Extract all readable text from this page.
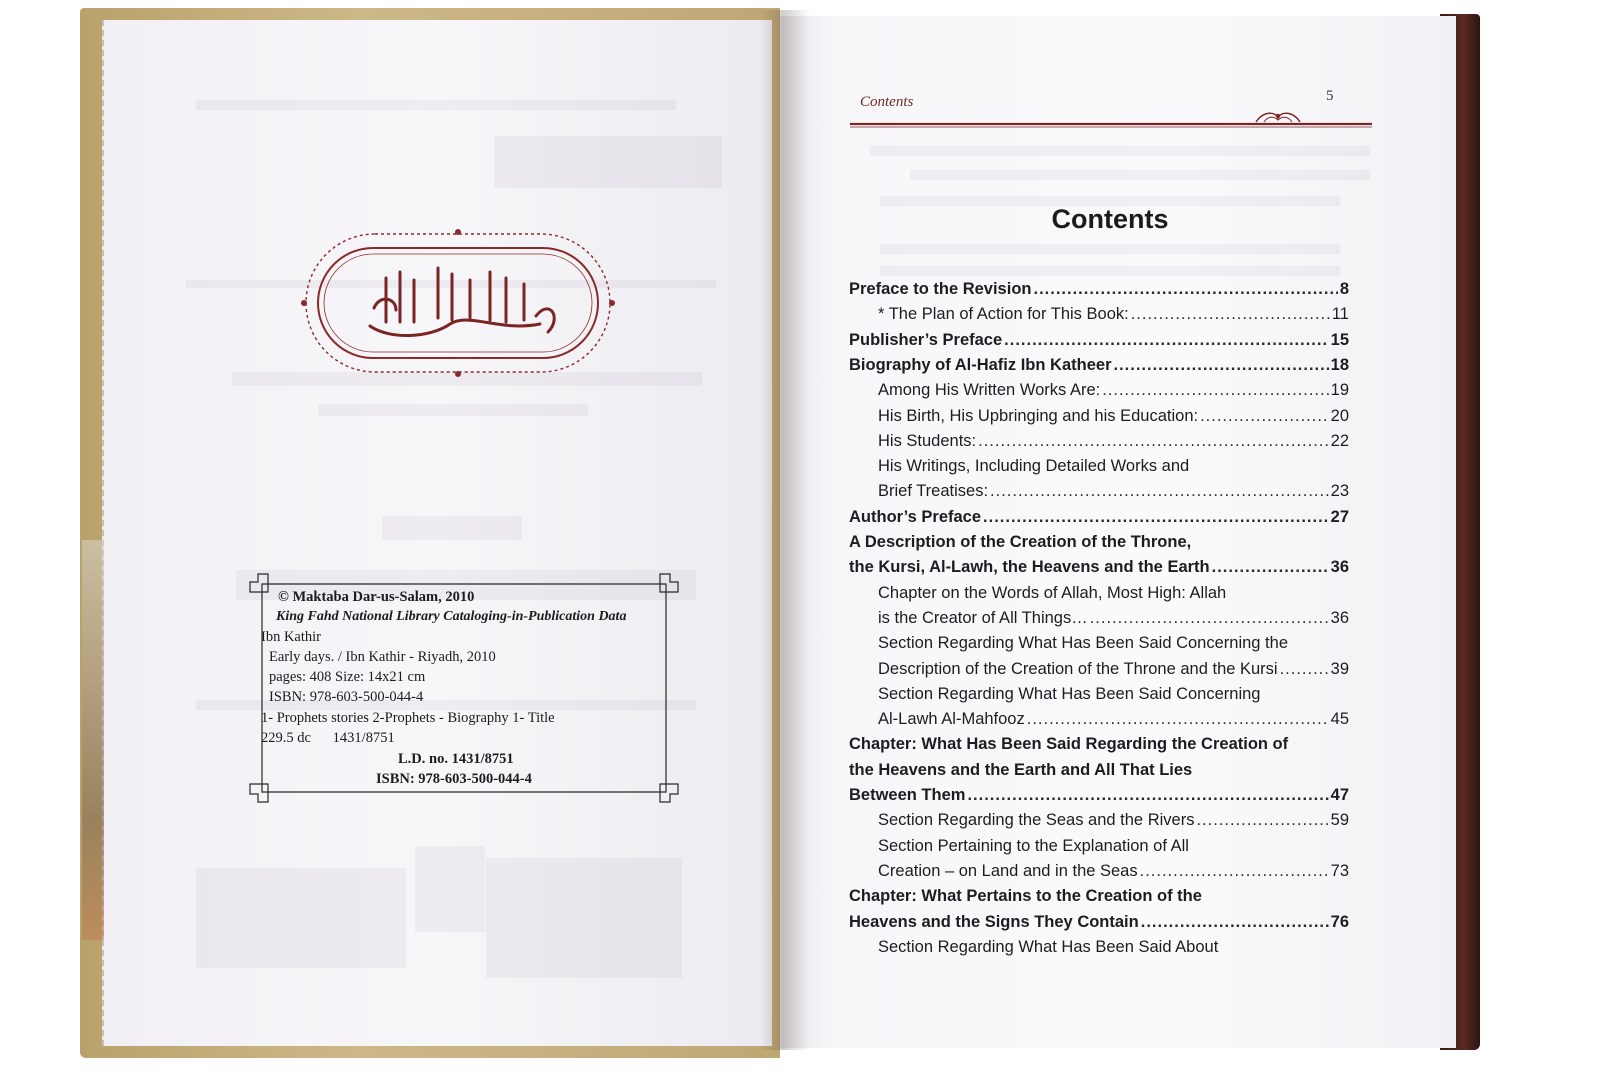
© Maktaba Dar-us-Salam, 2010
King Fahd National Library Cataloging-in-Publication Data
Ibn Kathir
Early days. / Ibn Kathir - Riyadh, 2010
pages: 408 Size: 14x21 cm
ISBN: 978-603-500-044-4
1- Prophets stories 2-Prophets - Biography 1- Title
229.5 dc      1431/8751
L.D. no. 1431/8751
ISBN: 978-603-500-044-4
Contents	5
Contents
Preface to the Revision .....	8
* The Plan of Action for This Book: .....	11
Publisher’s Preface .....	15
Biography of Al-Hafiz Ibn Katheer .....	18
Among His Written Works Are: .....	19
His Birth, His Upbringing and his Education: .....	20
His Students: .....	22
His Writings, Including Detailed Works and
Brief Treatises: .....	23
Author’s Preface .....	27
A Description of the Creation of the Throne,
the Kursi, Al-Lawh, the Heavens and the Earth .....	36
Chapter on the Words of Allah, Most High: Allah
is the Creator of All Things… .....	36
Section Regarding What Has Been Said Concerning the
Description of the Creation of the Throne and the Kursi .....	39
Section Regarding What Has Been Said Concerning
Al-Lawh Al-Mahfooz .....	45
Chapter: What Has Been Said Regarding the Creation of
the Heavens and the Earth and All That Lies
Between Them .....	47
Section Regarding the Seas and the Rivers .....	59
Section Pertaining to the Explanation of All
Creation – on Land and in the Seas .....	73
Chapter: What Pertains to the Creation of the
Heavens and the Signs They Contain .....	76
Section Regarding What Has Been Said About
